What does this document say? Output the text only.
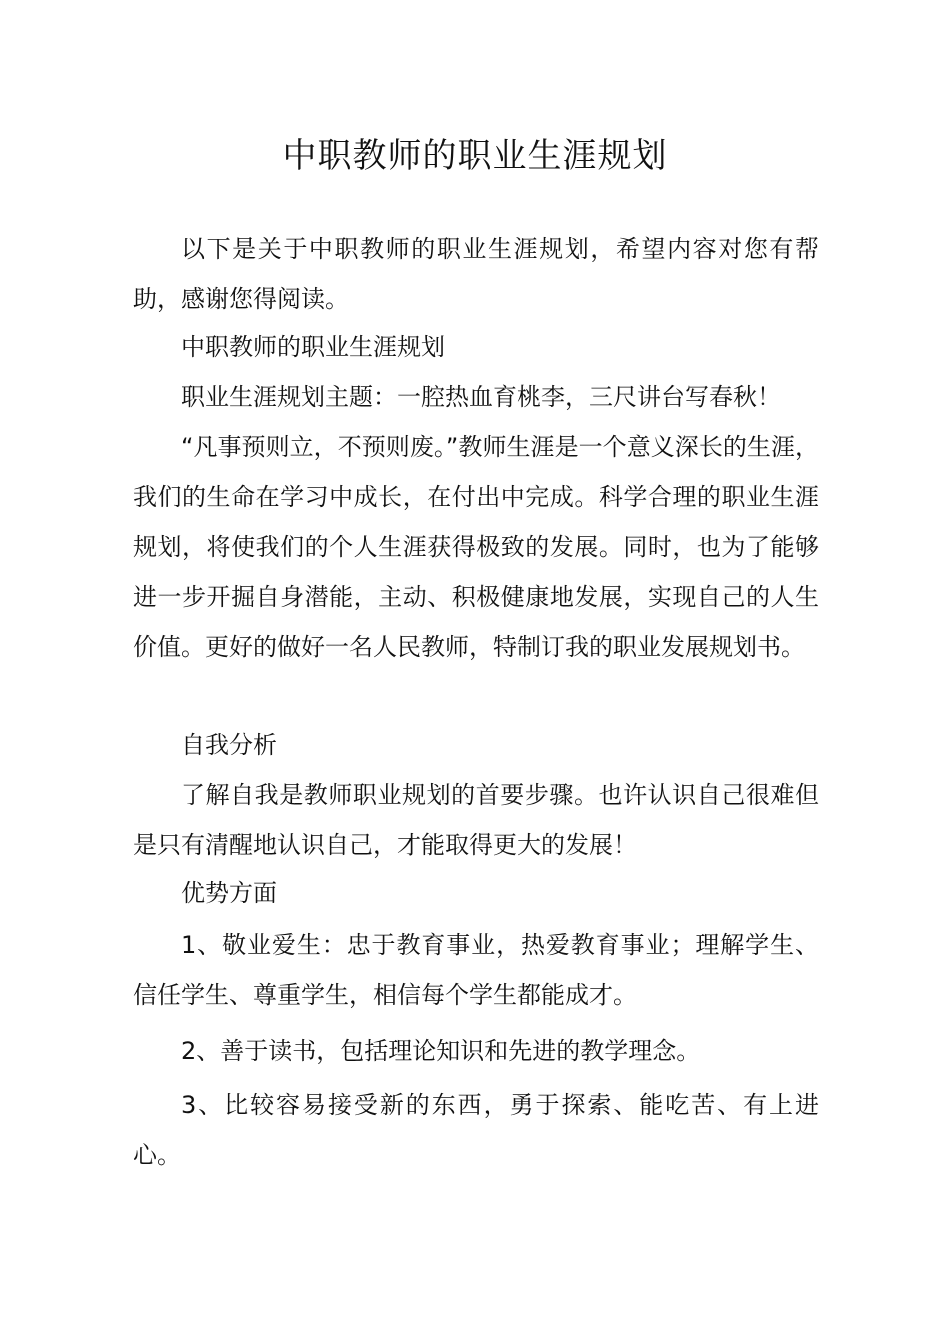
中职教师的职业生涯规划

以下是关于中职教师的职业生涯规划，希望内容对您有帮助，感谢您得阅读。

中职教师的职业生涯规划

职业生涯规划主题：一腔热血育桃李，三尺讲台写春秋！

“凡事预则立，不预则废。”教师生涯是一个意义深长的生涯，我们的生命在学习中成长，在付出中完成。科学合理的职业生涯规划，将使我们的个人生涯获得极致的发展。同时，也为了能够进一步开掘自身潜能，主动、积极健康地发展，实现自己的人生价值。更好的做好一名人民教师，特制订我的职业发展规划书。

自我分析

了解自我是教师职业规划的首要步骤。也许认识自己很难但是只有清醒地认识自己，才能取得更大的发展！

优势方面

1、敬业爱生：忠于教育事业，热爱教育事业；理解学生、信任学生、尊重学生，相信每个学生都能成才。

2、善于读书，包括理论知识和先进的教学理念。

3、比较容易接受新的东西，勇于探索、能吃苦、有上进心。
